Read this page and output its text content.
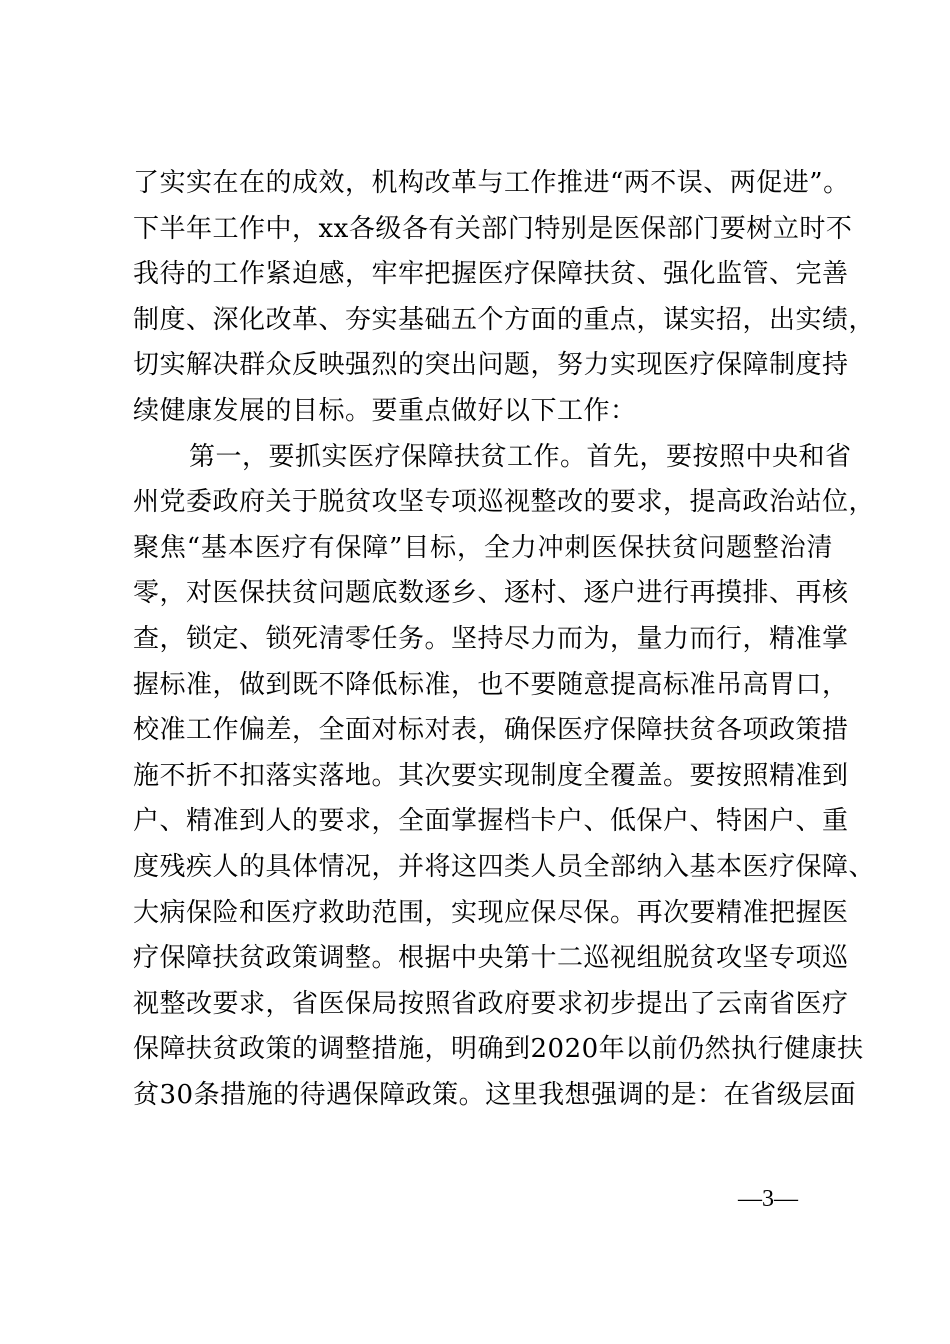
了实实在在的成效，机构改革与工作推进“两不误、两促进”。
下半年工作中，xx各级各有关部门特别是医保部门要树立时不
我待的工作紧迫感，牢牢把握医疗保障扶贫、强化监管、完善
制度、深化改革、夯实基础五个方面的重点，谋实招，出实绩，
切实解决群众反映强烈的突出问题，努力实现医疗保障制度持
续健康发展的目标。要重点做好以下工作：
第一，要抓实医疗保障扶贫工作。首先，要按照中央和省
州党委政府关于脱贫攻坚专项巡视整改的要求，提高政治站位，
聚焦“基本医疗有保障”目标，全力冲刺医保扶贫问题整治清
零，对医保扶贫问题底数逐乡、逐村、逐户进行再摸排、再核
查，锁定、锁死清零任务。坚持尽力而为，量力而行，精准掌
握标准，做到既不降低标准，也不要随意提高标准吊高胃口，
校准工作偏差，全面对标对表，确保医疗保障扶贫各项政策措
施不折不扣落实落地。其次要实现制度全覆盖。要按照精准到
户、精准到人的要求，全面掌握档卡户、低保户、特困户、重
度残疾人的具体情况，并将这四类人员全部纳入基本医疗保障、
大病保险和医疗救助范围，实现应保尽保。再次要精准把握医
疗保障扶贫政策调整。根据中央第十二巡视组脱贫攻坚专项巡
视整改要求，省医保局按照省政府要求初步提出了云南省医疗
保障扶贫政策的调整措施，明确到2020年以前仍然执行健康扶
贫30条措施的待遇保障政策。这里我想强调的是：在省级层面
—3—
